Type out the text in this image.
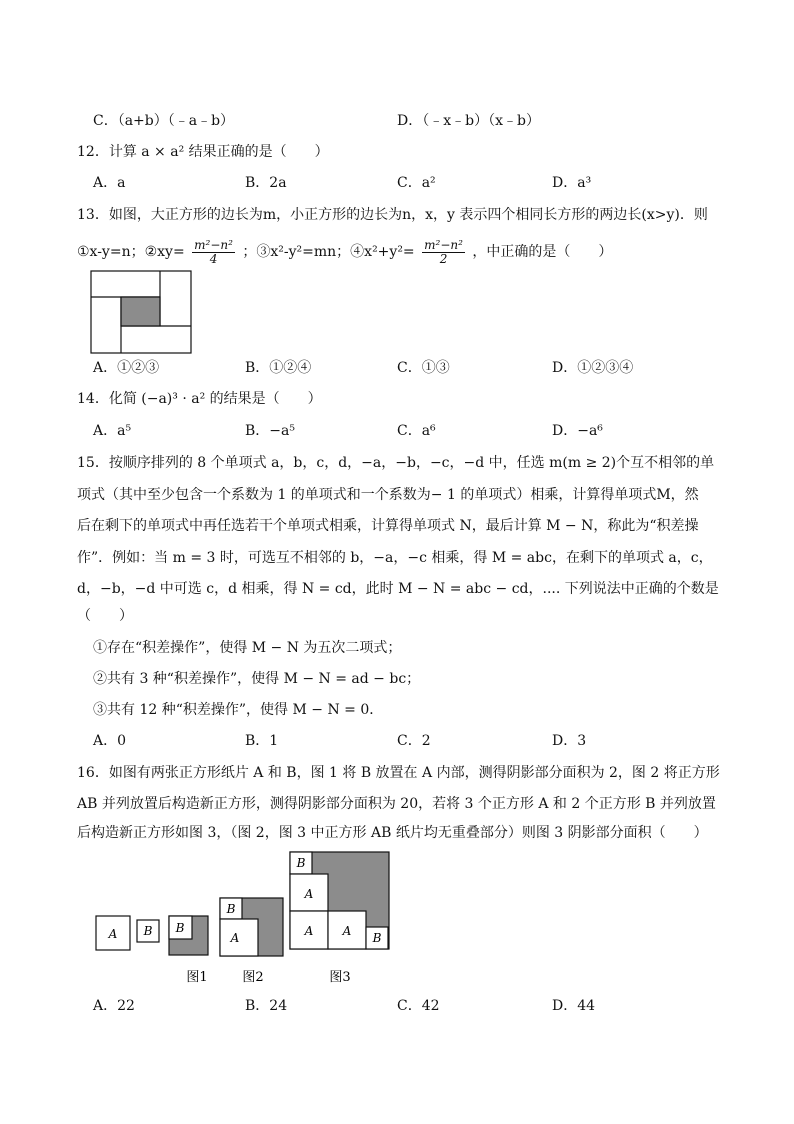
C．（a+b）（﹣a﹣b）	D．（﹣x﹣b）（x﹣b）
12．计算 a × a² 结果正确的是（　　）
A．a	B．2a	C．a²	D．a³
13．如图，大正方形的边长为m，小正方形的边长为n，x，y 表示四个相同长方形的两边长(x>y)．则
①x-y=n；②xy= $\frac{\text{m²−n²}}{4}$ ；③x²-y²=mn；④x²+y²= $\frac{\text{m²−n²}}{2}$ ，中正确的是（　　）
A．①②③	B．①②④	C．①③	D．①②③④
14．化简 (−a)³ · a² 的结果是（　　）
A．a⁵	B．−a⁵	C．a⁶	D．−a⁶
15．按顺序排列的 8 个单项式 a，b，c，d，−a，−b，−c，−d 中，任选 m(m ≥ 2)个互不相邻的单
项式（其中至少包含一个系数为 1 的单项式和一个系数为− 1 的单项式）相乘，计算得单项式M，然
后在剩下的单项式中再任选若干个单项式相乘，计算得单项式 N，最后计算 M − N，称此为“积差操
作”．例如：当 m = 3 时，可选互不相邻的 b，−a，−c 相乘，得 M = abc，在剩下的单项式 a，c，
d，−b，−d 中可选 c，d 相乘，得 N = cd，此时 M − N = abc − cd，.... 下列说法中正确的个数是
（　　）
①存在“积差操作”，使得 M − N 为五次二项式；
②共有 3 种“积差操作”，使得 M − N = ad − bc；
③共有 12 种“积差操作”，使得 M − N = 0．
A．0	B．1	C．2	D．3
16．如图有两张正方形纸片 A 和 B，图 1 将 B 放置在 A 内部，测得阴影部分面积为 2，图 2 将正方形
AB 并列放置后构造新正方形，测得阴影部分面积为 20，若将 3 个正方形 A 和 2 个正方形 B 并列放置
后构造新正方形如图 3，（图 2，图 3 中正方形 AB 纸片均无重叠部分）则图 3 阴影部分面积（　　）
A B B
B
A
B
A
A A B
图1	图2	图3
A．22	B．24	C．42	D．44
